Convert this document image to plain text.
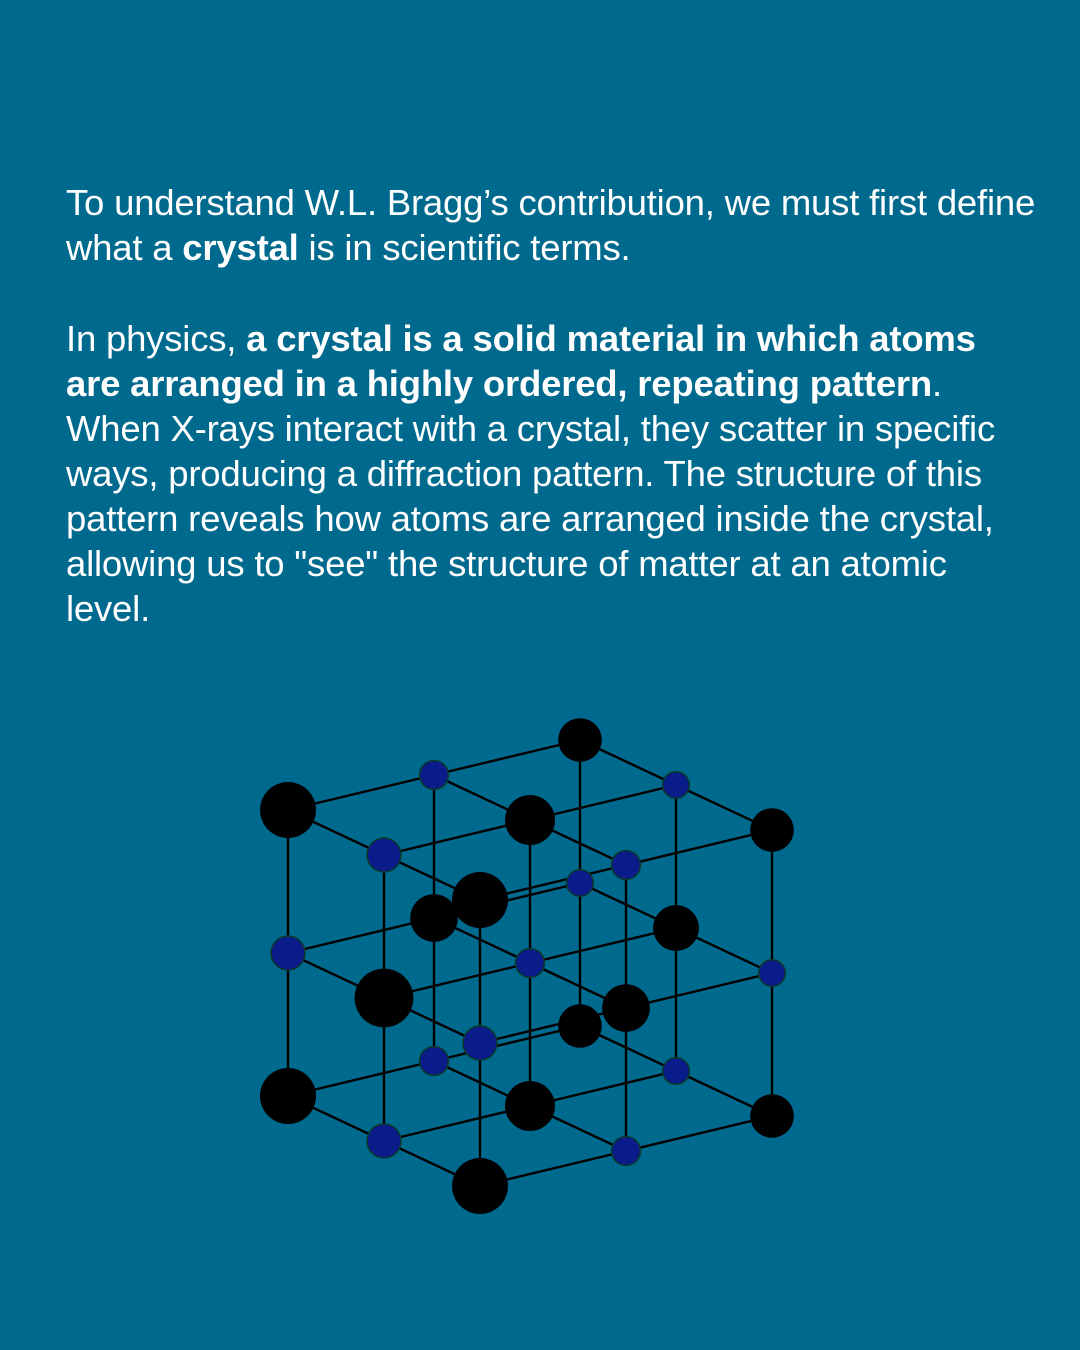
To understand W.L. Bragg’s contribution, we must first define what a crystal is in scientific terms.

In physics, a crystal is a solid material in which atoms are arranged in a highly ordered, repeating pattern. When X-rays interact with a crystal, they scatter in specific ways, producing a diffraction pattern. The structure of this pattern reveals how atoms are arranged inside the crystal, allowing us to "see" the structure of matter at an atomic level.
